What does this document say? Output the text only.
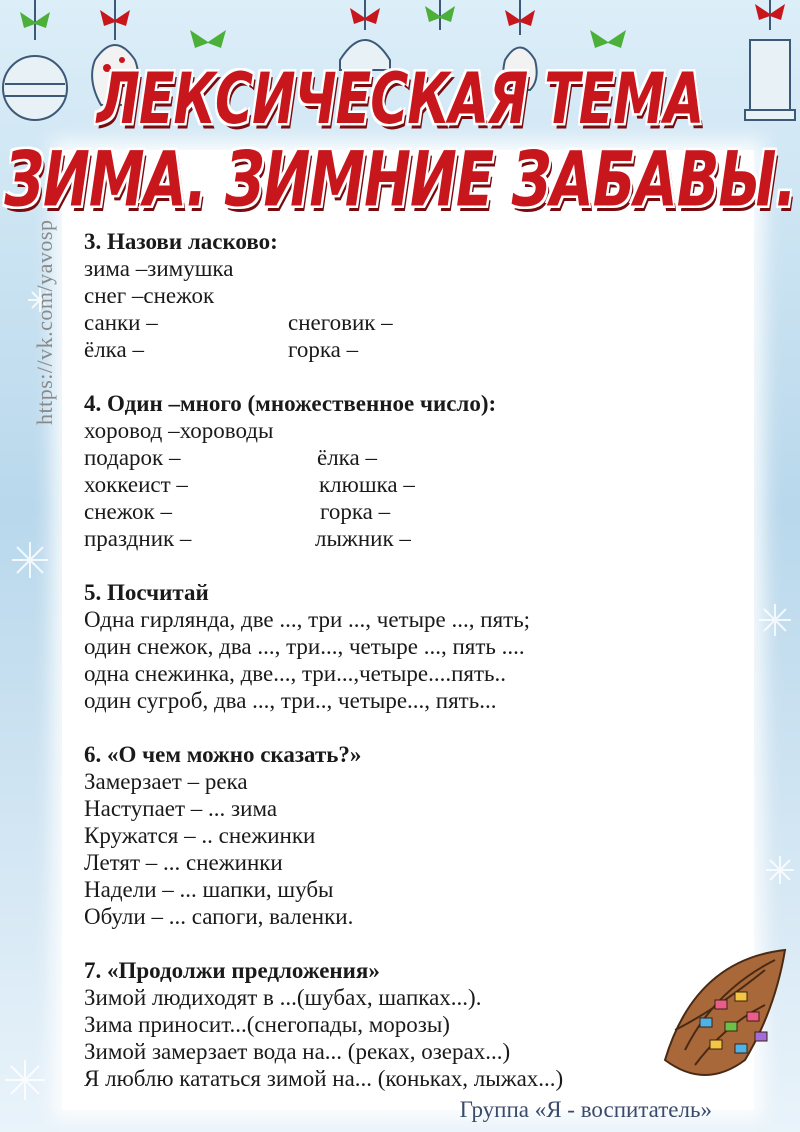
https://vk.com/yavosp
ЛЕКСИЧЕСКАЯ ТЕМА
ЗИМА. ЗИМНИЕ ЗАБАВЫ.
3. Назови ласково:
зима –зимушка
снег –снежок
санки –	снеговик –
ёлка –	горка –
4. Один –много (множественное число):
хоровод –хороводы
подарок –	ёлка –
хоккеист –	клюшка –
снежок –	горка –
праздник –	лыжник –
5. Посчитай
Одна гирлянда, две ..., три ..., четыре ..., пять;
один снежок, два ..., три..., четыре ..., пять ....
одна снежинка, две..., три...,четыре....пять..
один сугроб, два ..., три.., четыре..., пять...
6. «О чем можно сказать?»
Замерзает – река
Наступает – ... зима
Кружатся – .. снежинки
Летят – ... снежинки
Надели – ... шапки, шубы
Обули – ... сапоги, валенки.
7. «Продолжи предложения»
Зимой людиходят в ...(шубах, шапках...).
Зима приносит...(снегопады, морозы)
Зимой замерзает вода на... (реках, озерах...)
Я люблю кататься зимой на... (коньках, лыжах...)
Группа «Я - воспитатель»
